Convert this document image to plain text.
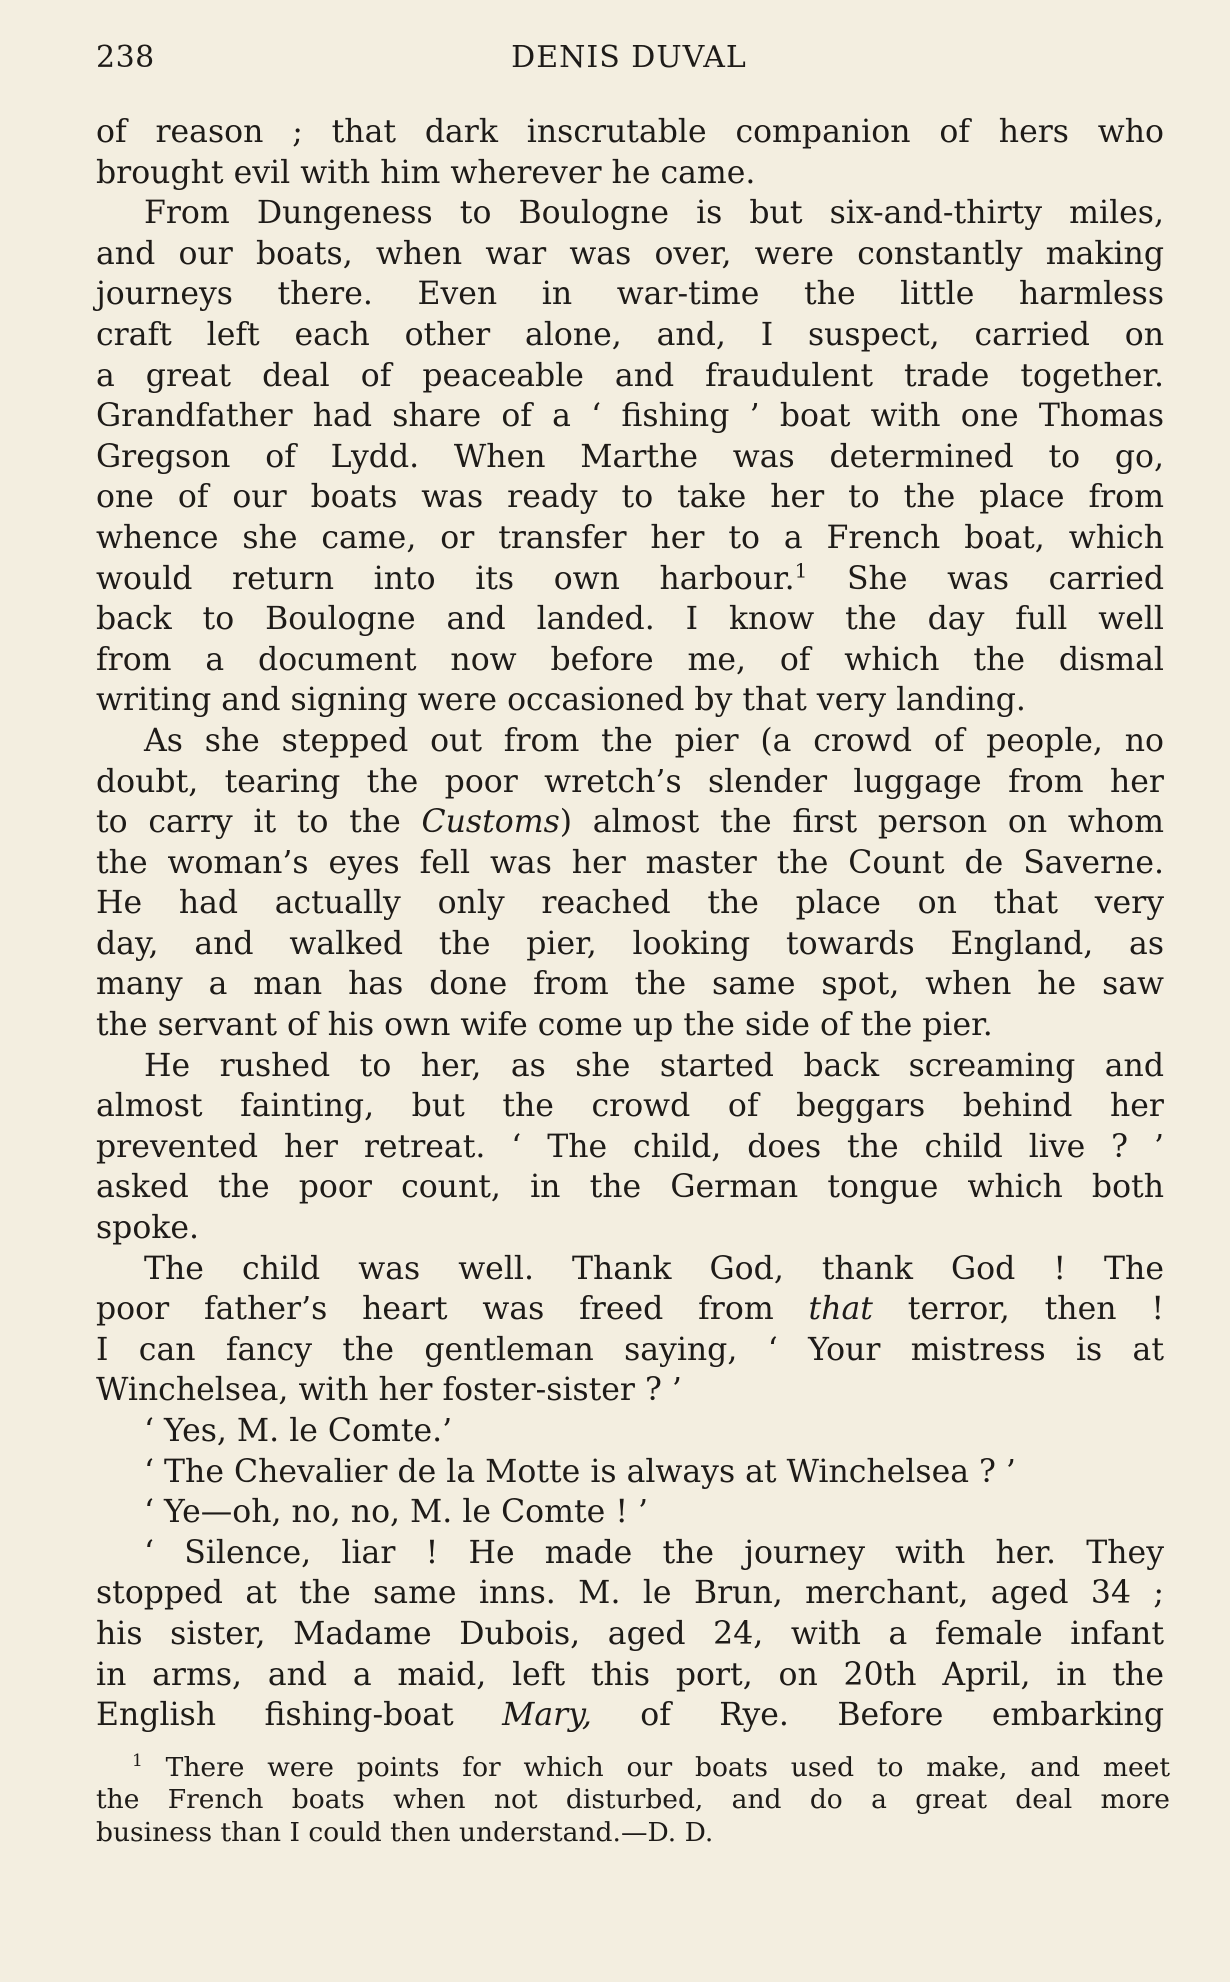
238	DENIS DUVAL
of reason ; that dark inscrutable companion of hers who
brought evil with him wherever he came.
From Dungeness to Boulogne is but six-and-thirty miles,
and our boats, when war was over, were constantly making
journeys there. Even in war-time the little harmless
craft left each other alone, and, I suspect, carried on
a great deal of peaceable and fraudulent trade together.
Grandfather had share of a ‘ fishing ’ boat with one Thomas
Gregson of Lydd. When Marthe was determined to go,
one of our boats was ready to take her to the place from
whence she came, or transfer her to a French boat, which
would return into its own harbour.$^1$ She was carried
back to Boulogne and landed. I know the day full well
from a document now before me, of which the dismal
writing and signing were occasioned by that very landing.
As she stepped out from the pier (a crowd of people, no
doubt, tearing the poor wretch’s slender luggage from her
to carry it to the Customs) almost the first person on whom
the woman’s eyes fell was her master the Count de Saverne.
He had actually only reached the place on that very
day, and walked the pier, looking towards England, as
many a man has done from the same spot, when he saw
the servant of his own wife come up the side of the pier.
He rushed to her, as she started back screaming and
almost fainting, but the crowd of beggars behind her
prevented her retreat. ‘ The child, does the child live ? ’
asked the poor count, in the German tongue which both
spoke.
The child was well. Thank God, thank God ! The
poor father’s heart was freed from that terror, then !
I can fancy the gentleman saying, ‘ Your mistress is at
Winchelsea, with her foster-sister ? ’
‘ Yes, M. le Comte.’
‘ The Chevalier de la Motte is always at Winchelsea ? ’
‘ Ye—oh, no, no, M. le Comte ! ’
‘ Silence, liar ! He made the journey with her. They
stopped at the same inns. M. le Brun, merchant, aged 34 ;
his sister, Madame Dubois, aged 24, with a female infant
in arms, and a maid, left this port, on 20th April, in the
English fishing-boat Mary, of Rye. Before embarking
$^1$ There were points for which our boats used to make, and meet
the French boats when not disturbed, and do a great deal more
business than I could then understand.—D. D.
